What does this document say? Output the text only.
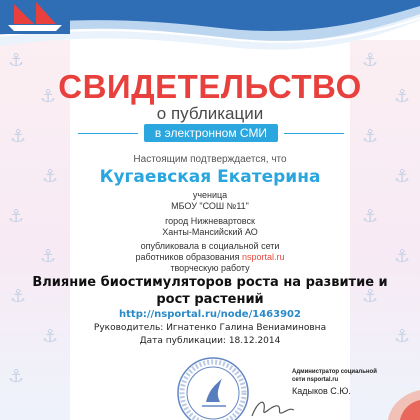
⚓
⚓
⚓
⚓
⚓
⚓
⚓
⚓
⚓
⚓
⚓
⚓
⚓
⚓
⚓
⚓
⚓
СВИДЕТЕЛЬСТВО
о публикации
в электронном СМИ
Настоящим подтверждается, что
Кугаевская Екатерина
ученица
МБОУ "СОШ №11"
город Нижневартовск
Ханты-Мансийский АО
опубликовала в социальной сети
работников образования nsportal.ru
творческую работу
Влияние биостимуляторов роста на развитие и рост растений
http://nsportal.ru/node/1463902
Руководитель: Игнатенко Галина Вениаминовна
Дата публикации: 18.12.2014
Администратор социальной
сети nsportal.ru
Кадыков С.Ю.
